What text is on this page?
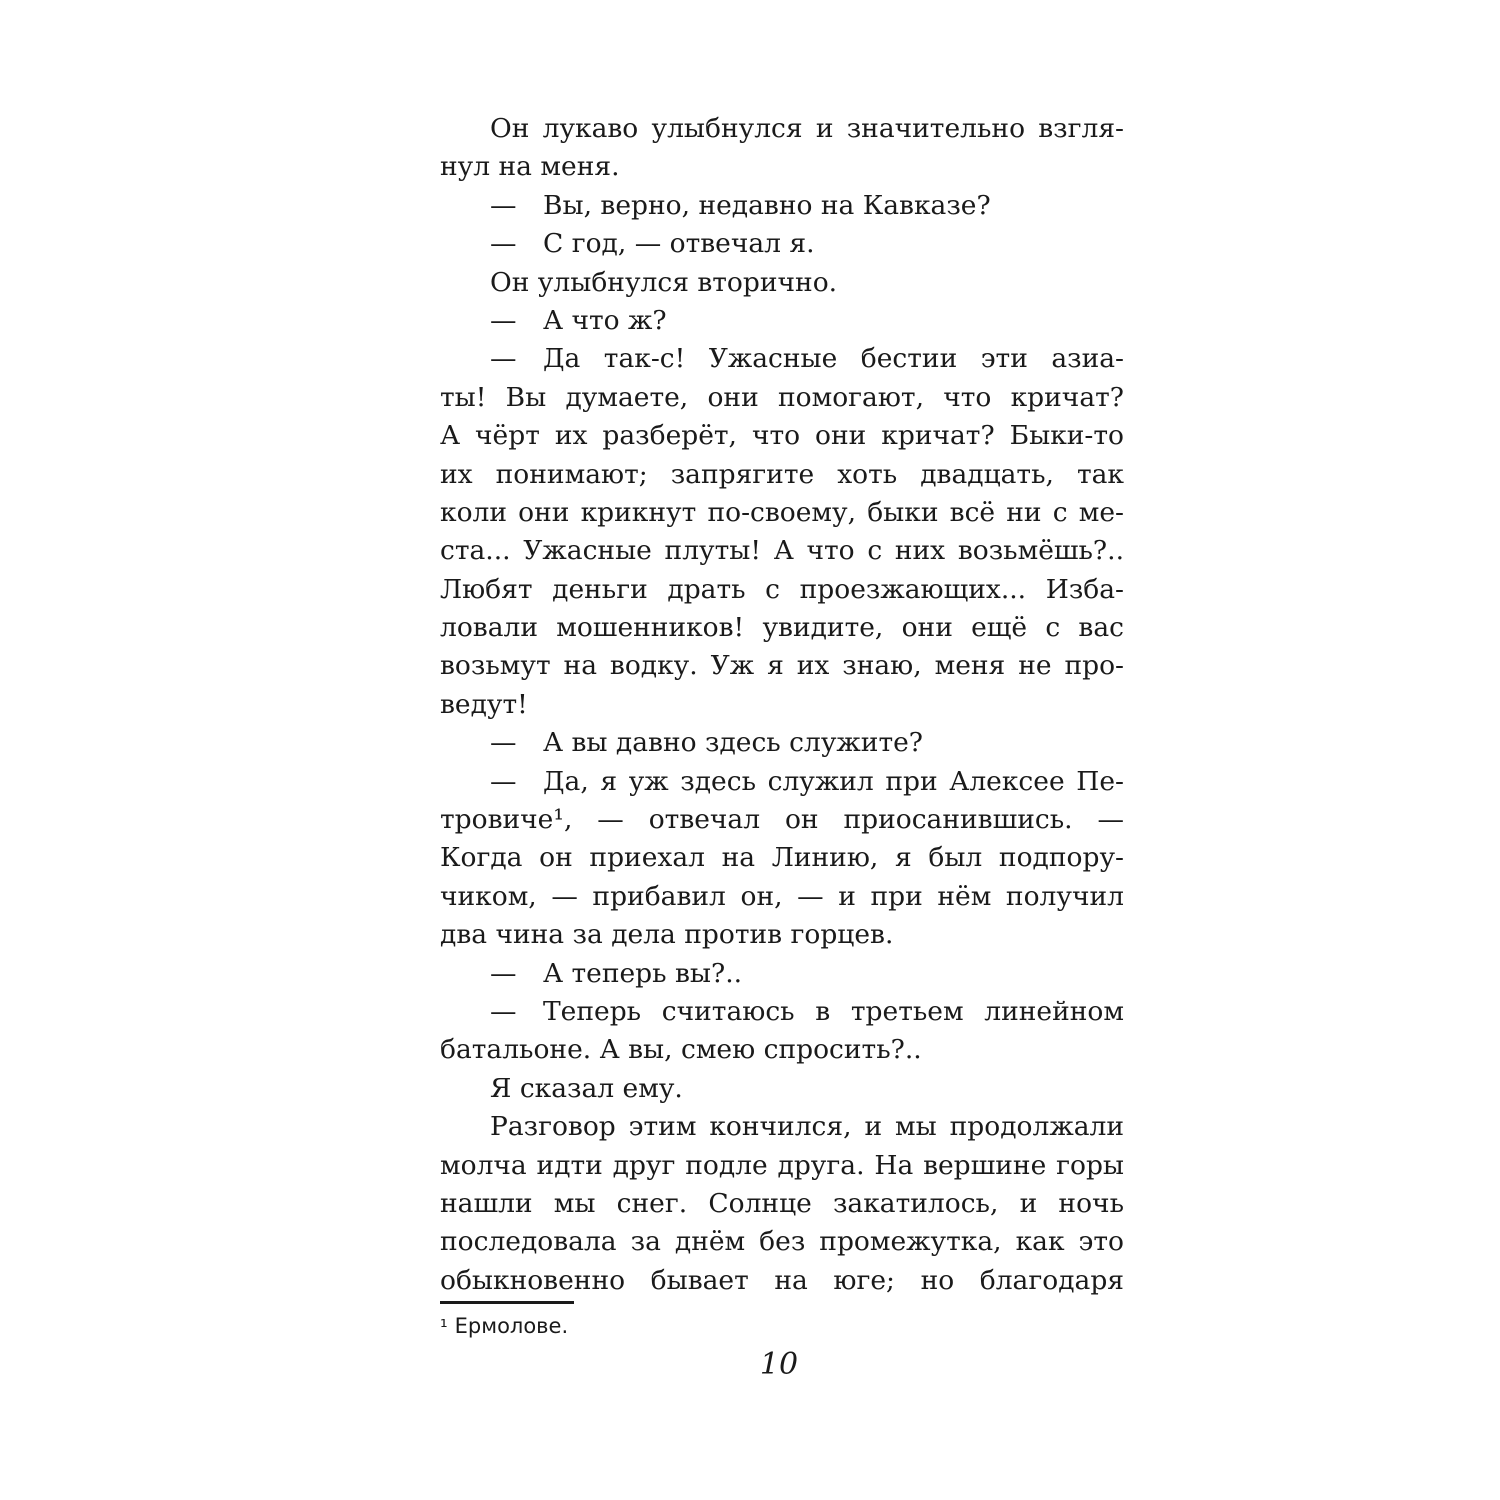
Он лукаво улыбнулся и значительно взгля-
нул на меня.
— Вы, верно, недавно на Кавказе?
— С год, — отвечал я.
Он улыбнулся вторично.
— А что ж?
— Да так-с! Ужасные бестии эти азиа-
ты! Вы думаете, они помогают, что кричат?
А чёрт их разберёт, что они кричат? Быки-то
их понимают; запрягите хоть двадцать, так
коли они крикнут по-своему, быки всё ни с ме-
ста... Ужасные плуты! А что с них возьмёшь?..
Любят деньги драть с проезжающих... Изба-
ловали мошенников! увидите, они ещё с вас
возьмут на водку. Уж я их знаю, меня не про-
ведут!
— А вы давно здесь служите?
— Да, я уж здесь служил при Алексее Пе-
тровиче¹, — отвечал он приосанившись. —
Когда он приехал на Линию, я был подпору-
чиком, — прибавил он, — и при нём получил
два чина за дела против горцев.
— А теперь вы?..
— Теперь считаюсь в третьем линейном
батальоне. А вы, смею спросить?..
Я сказал ему.
Разговор этим кончился, и мы продолжали
молча идти друг подле друга. На вершине горы
нашли мы снег. Солнце закатилось, и ночь
последовала за днём без промежутка, как это
обыкновенно бывает на юге; но благодаря
¹ Ермолове.
10
